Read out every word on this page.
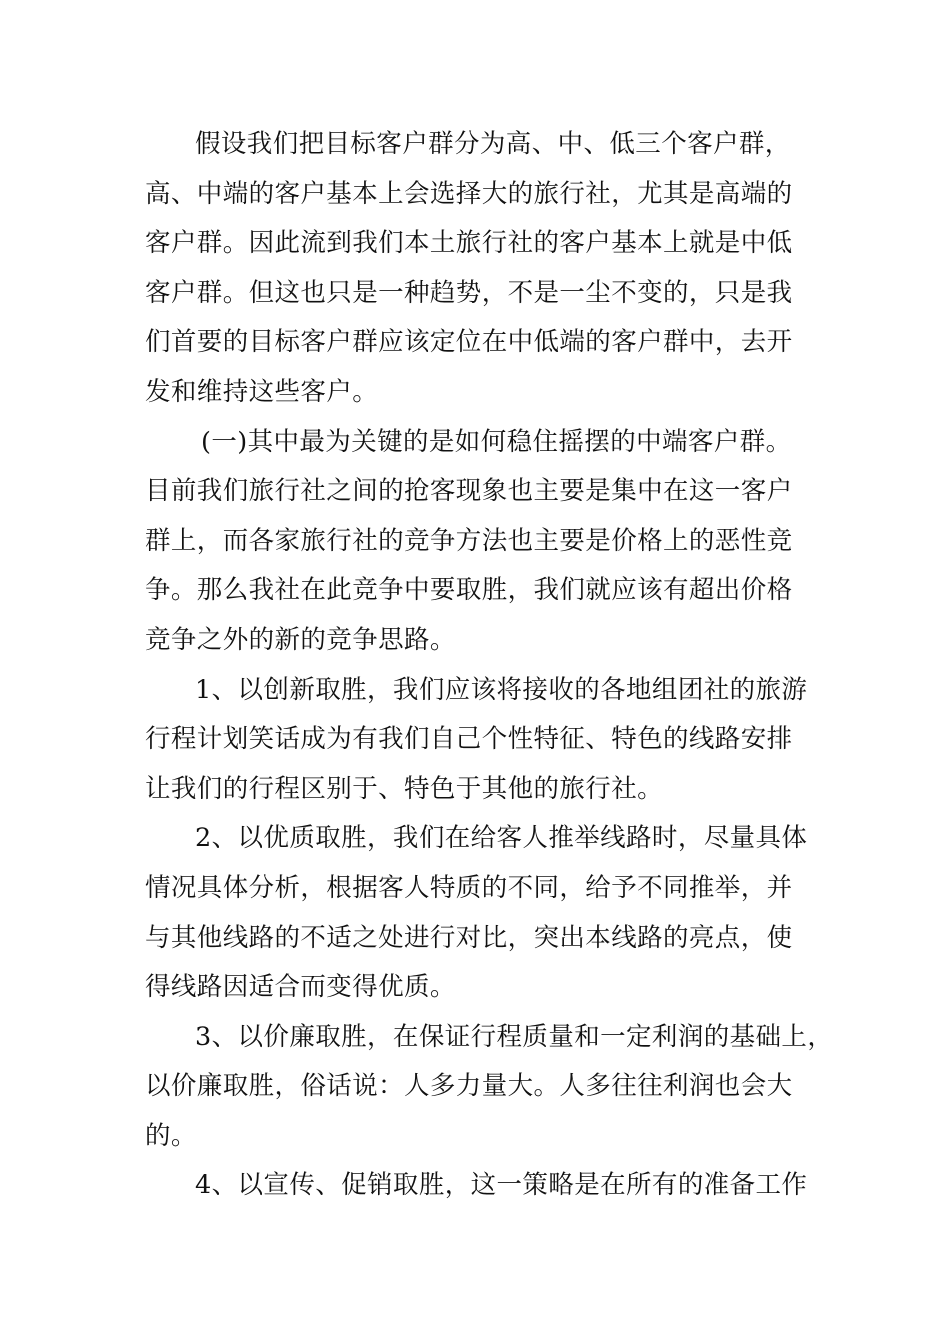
假设我们把目标客户群分为高、中、低三个客户群，
高、中端的客户基本上会选择大的旅行社，尤其是高端的
客户群。因此流到我们本土旅行社的客户基本上就是中低
客户群。但这也只是一种趋势，不是一尘不变的，只是我
们首要的目标客户群应该定位在中低端的客户群中，去开
发和维持这些客户。
(一)其中最为关键的是如何稳住摇摆的中端客户群。
目前我们旅行社之间的抢客现象也主要是集中在这一客户
群上，而各家旅行社的竞争方法也主要是价格上的恶性竞
争。那么我社在此竞争中要取胜，我们就应该有超出价格
竞争之外的新的竞争思路。
1、以创新取胜，我们应该将接收的各地组团社的旅游
行程计划笑话成为有我们自己个性特征、特色的线路安排
让我们的行程区别于、特色于其他的旅行社。
2、以优质取胜，我们在给客人推举线路时，尽量具体
情况具体分析，根据客人特质的不同，给予不同推举，并
与其他线路的不适之处进行对比，突出本线路的亮点，使
得线路因适合而变得优质。
3、以价廉取胜，在保证行程质量和一定利润的基础上，
以价廉取胜，俗话说：人多力量大。人多往往利润也会大
的。
4、以宣传、促销取胜，这一策略是在所有的准备工作
